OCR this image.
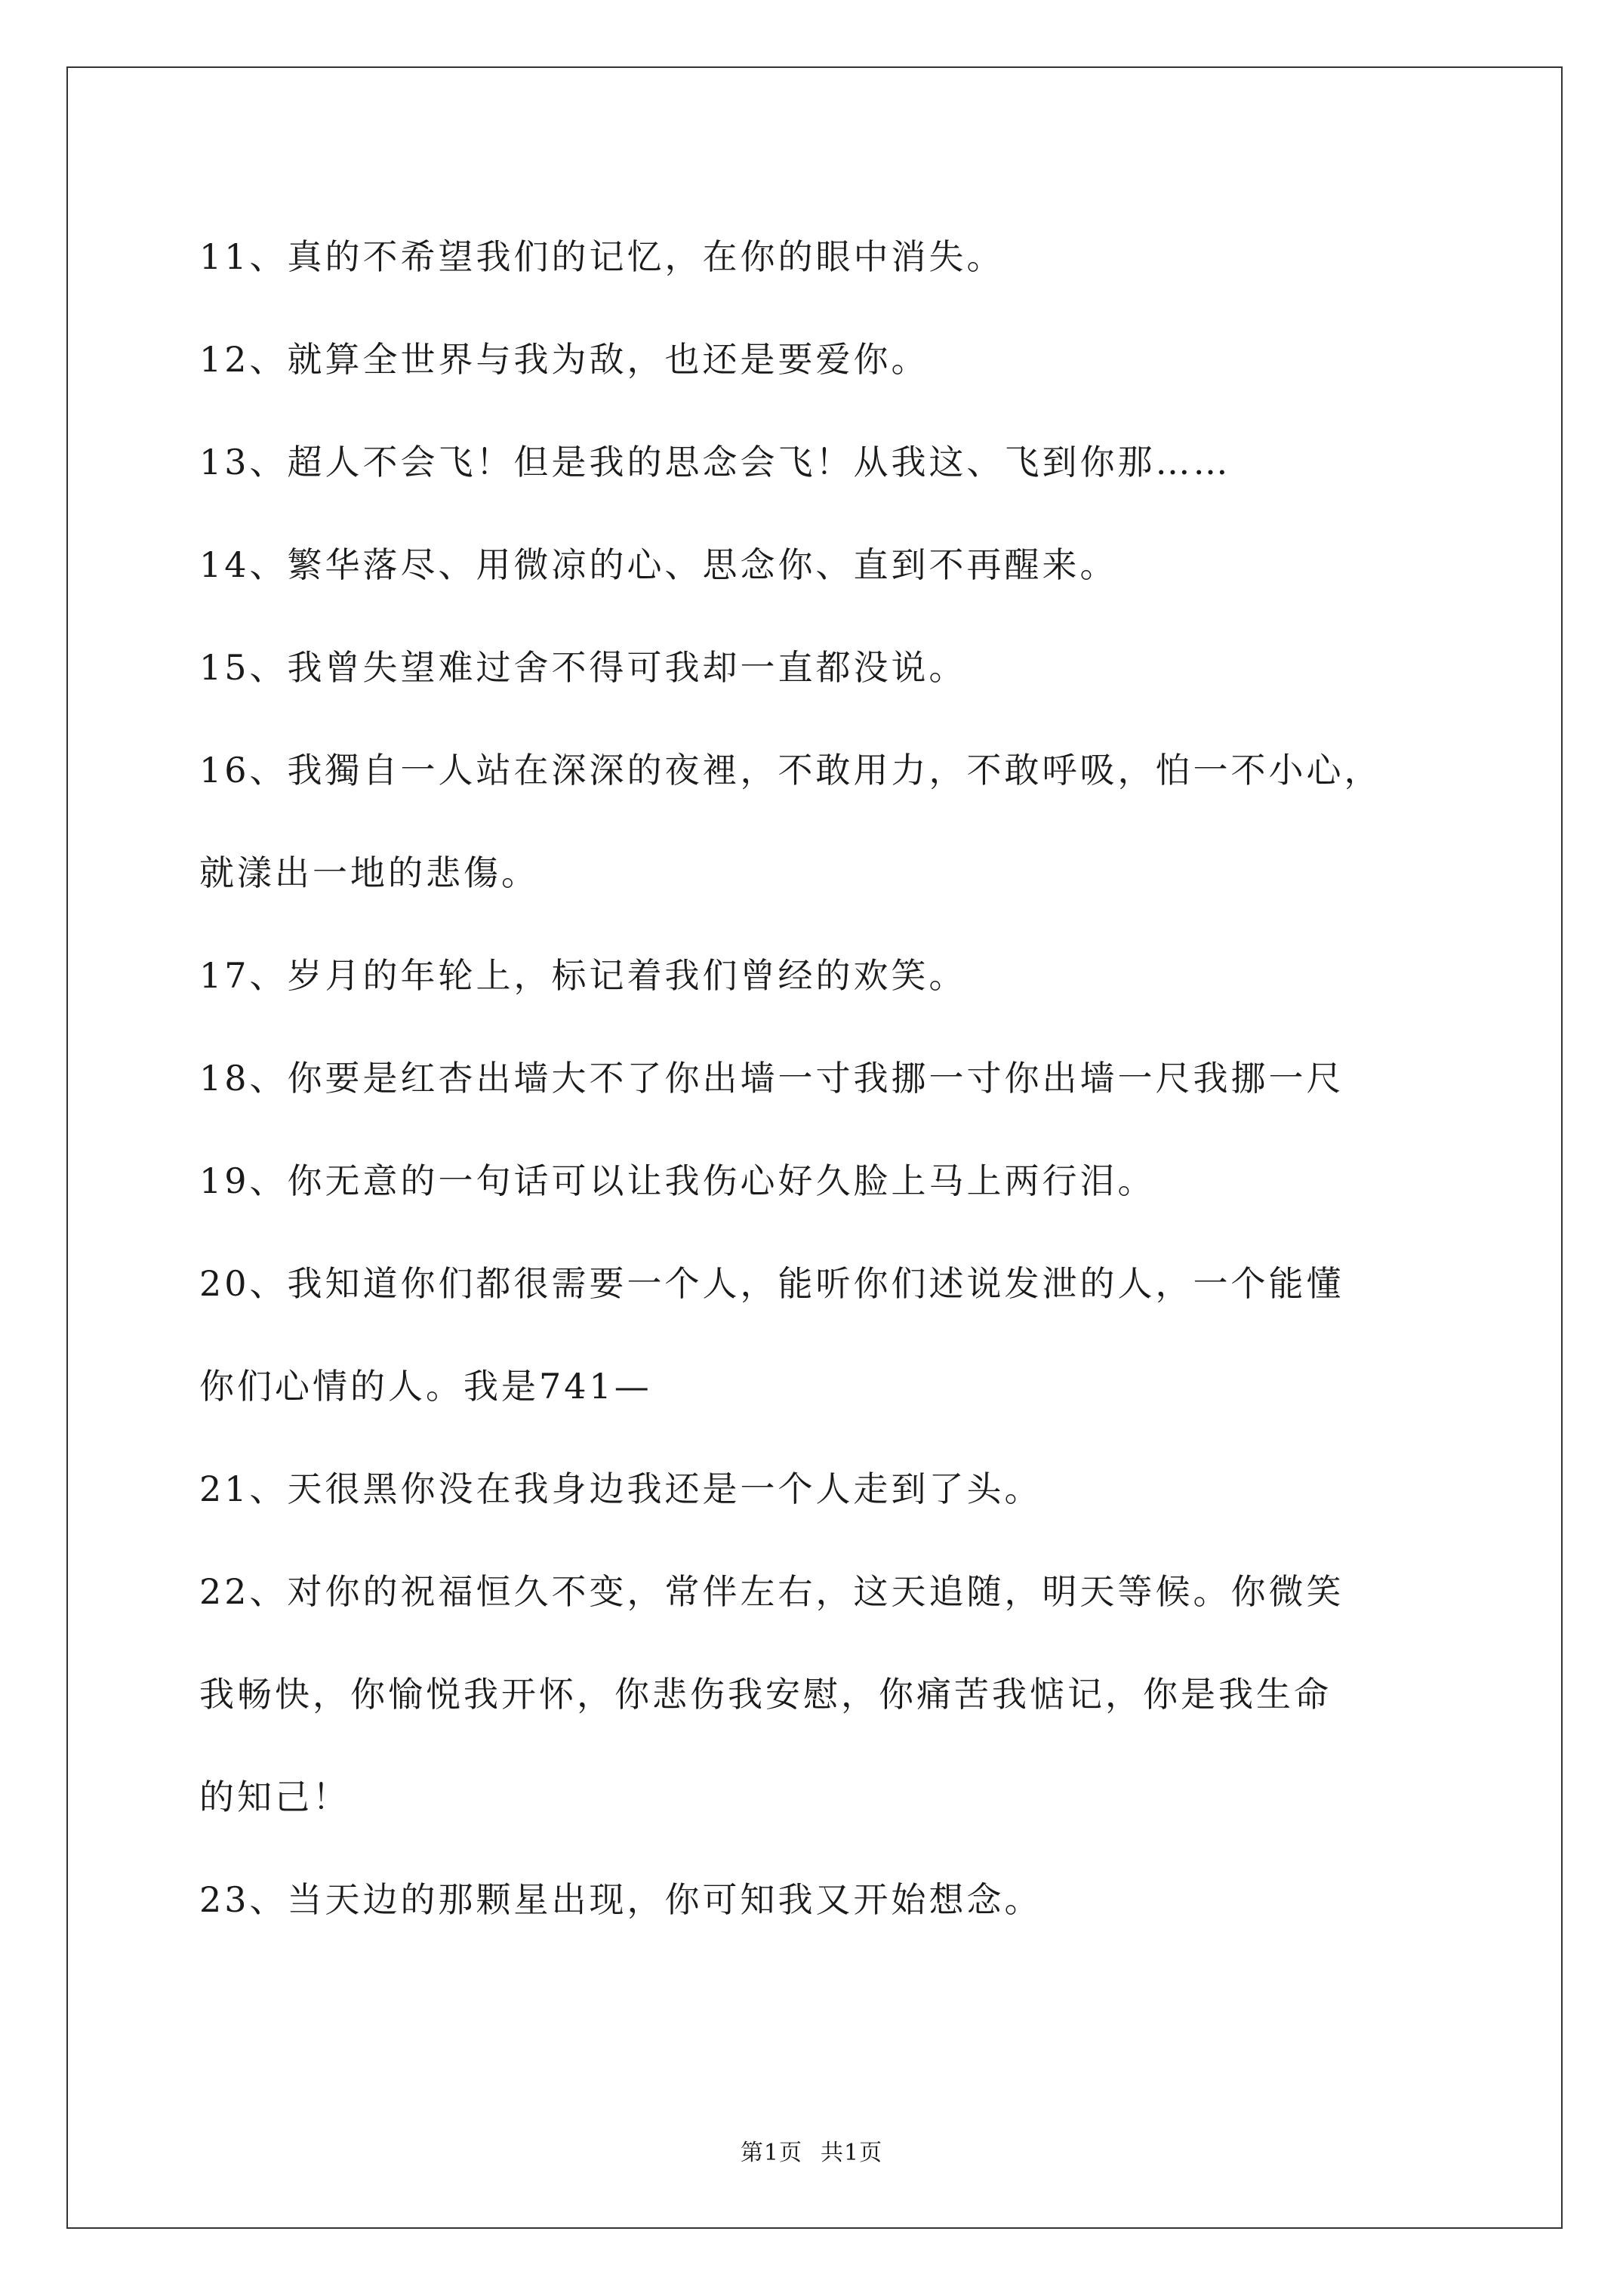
11、真的不希望我们的记忆，在你的眼中消失。
12、就算全世界与我为敌，也还是要爱你。
13、超人不会飞！但是我的思念会飞！从我这、飞到你那……
14、繁华落尽、用微凉的心、思念你、直到不再醒来。
15、我曾失望难过舍不得可我却一直都没说。
16、我獨自一人站在深深的夜裡，不敢用力，不敢呼吸，怕一不小心，
就漾出一地的悲傷。
17、岁月的年轮上，标记着我们曾经的欢笑。
18、你要是红杏出墙大不了你出墙一寸我挪一寸你出墙一尺我挪一尺
19、你无意的一句话可以让我伤心好久脸上马上两行泪。
20、我知道你们都很需要一个人，能听你们述说发泄的人，一个能懂
你们心情的人。我是741—
21、天很黑你没在我身边我还是一个人走到了头。
22、对你的祝福恒久不变，常伴左右，这天追随，明天等候。你微笑
我畅快，你愉悦我开怀，你悲伤我安慰，你痛苦我惦记，你是我生命
的知己！
23、当天边的那颗星出现，你可知我又开始想念。
第1页 共1页
